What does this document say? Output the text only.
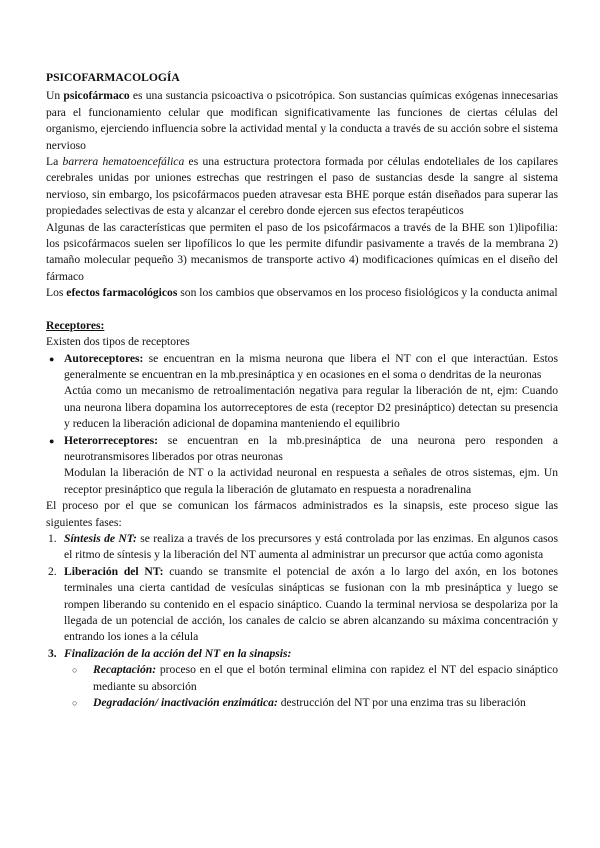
PSICOFARMACOLOGÍA

Un psicofármaco es una sustancia psicoactiva o psicotrópica. Son sustancias químicas exógenas innecesarias para el funcionamiento celular que modifican significativamente las funciones de ciertas células del organismo, ejerciendo influencia sobre la actividad mental y la conducta a través de su acción sobre el sistema nervioso

La barrera hematoencefálica es una estructura protectora formada por células endoteliales de los capilares cerebrales unidas por uniones estrechas que restringen el paso de sustancias desde la sangre al sistema nervioso, sin embargo, los psicofármacos pueden atravesar esta BHE porque están diseñados para superar las propiedades selectivas de esta y alcanzar el cerebro donde ejercen sus efectos terapéuticos

Algunas de las características que permiten el paso de los psicofármacos a través de la BHE son 1)lipofilia: los psicofármacos suelen ser lipofílicos lo que les permite difundir pasivamente a través de la membrana 2) tamaño molecular pequeño 3) mecanismos de transporte activo 4) modificaciones químicas en el diseño del fármaco

Los efectos farmacológicos son los cambios que observamos en los proceso fisiológicos y la conducta animal

Receptores:

Existen dos tipos de receptores

● Autoreceptores: se encuentran en la misma neurona que libera el NT con el que interactúan. Estos generalmente se encuentran en la mb.presináptica y en ocasiones en el soma o dendritas de la neuronas

Actúa como un mecanismo de retroalimentación negativa para regular la liberación de nt, ejm: Cuando una neurona libera dopamina los autorreceptores de esta (receptor D2 presináptico) detectan su presencia y reducen la liberación adicional de dopamina manteniendo el equilibrio

● Heterorreceptores: se encuentran en la mb.presináptica de una neurona pero responden a neurotransmisores liberados por otras neuronas

Modulan la liberación de NT o la actividad neuronal en respuesta a señales de otros sistemas, ejm. Un receptor presináptico que regula la liberación de glutamato en respuesta a noradrenalina

El proceso por el que se comunican los fármacos administrados es la sinapsis, este proceso sigue las siguientes fases:

1. Síntesis de NT: se realiza a través de los precursores y está controlada por las enzimas. En algunos casos el ritmo de síntesis y la liberación del NT aumenta al administrar un precursor que actúa como agonista

2. Liberación del NT: cuando se transmite el potencial de axón a lo largo del axón, en los botones terminales una cierta cantidad de vesículas sinápticas se fusionan con la mb presináptica y luego se rompen liberando su contenido en el espacio sináptico. Cuando la terminal nerviosa se despolariza por la llegada de un potencial de acción, los canales de calcio se abren alcanzando su máxima concentración y entrando los iones a la célula

3. Finalización de la acción del NT en la sinapsis:

○ Recaptación: proceso en el que el botón terminal elimina con rapidez el NT del espacio sináptico mediante su absorción

○ Degradación/ inactivación enzimática: destrucción del NT por una enzima tras su liberación
